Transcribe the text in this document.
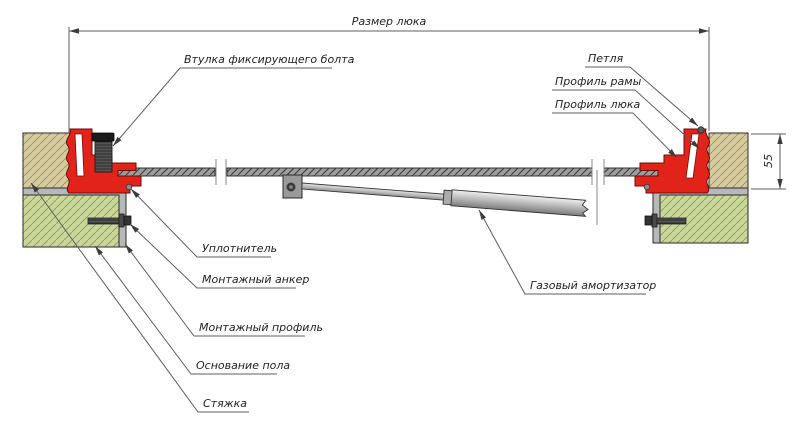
Размер люка
55
Втулка фиксирующего болта	Петля
Профиль рамы
Профиль люка
Уплотнитель
Монтажный анкер
Монтажный профиль
Основание пола
Стяжка
Газовый амортизатор
